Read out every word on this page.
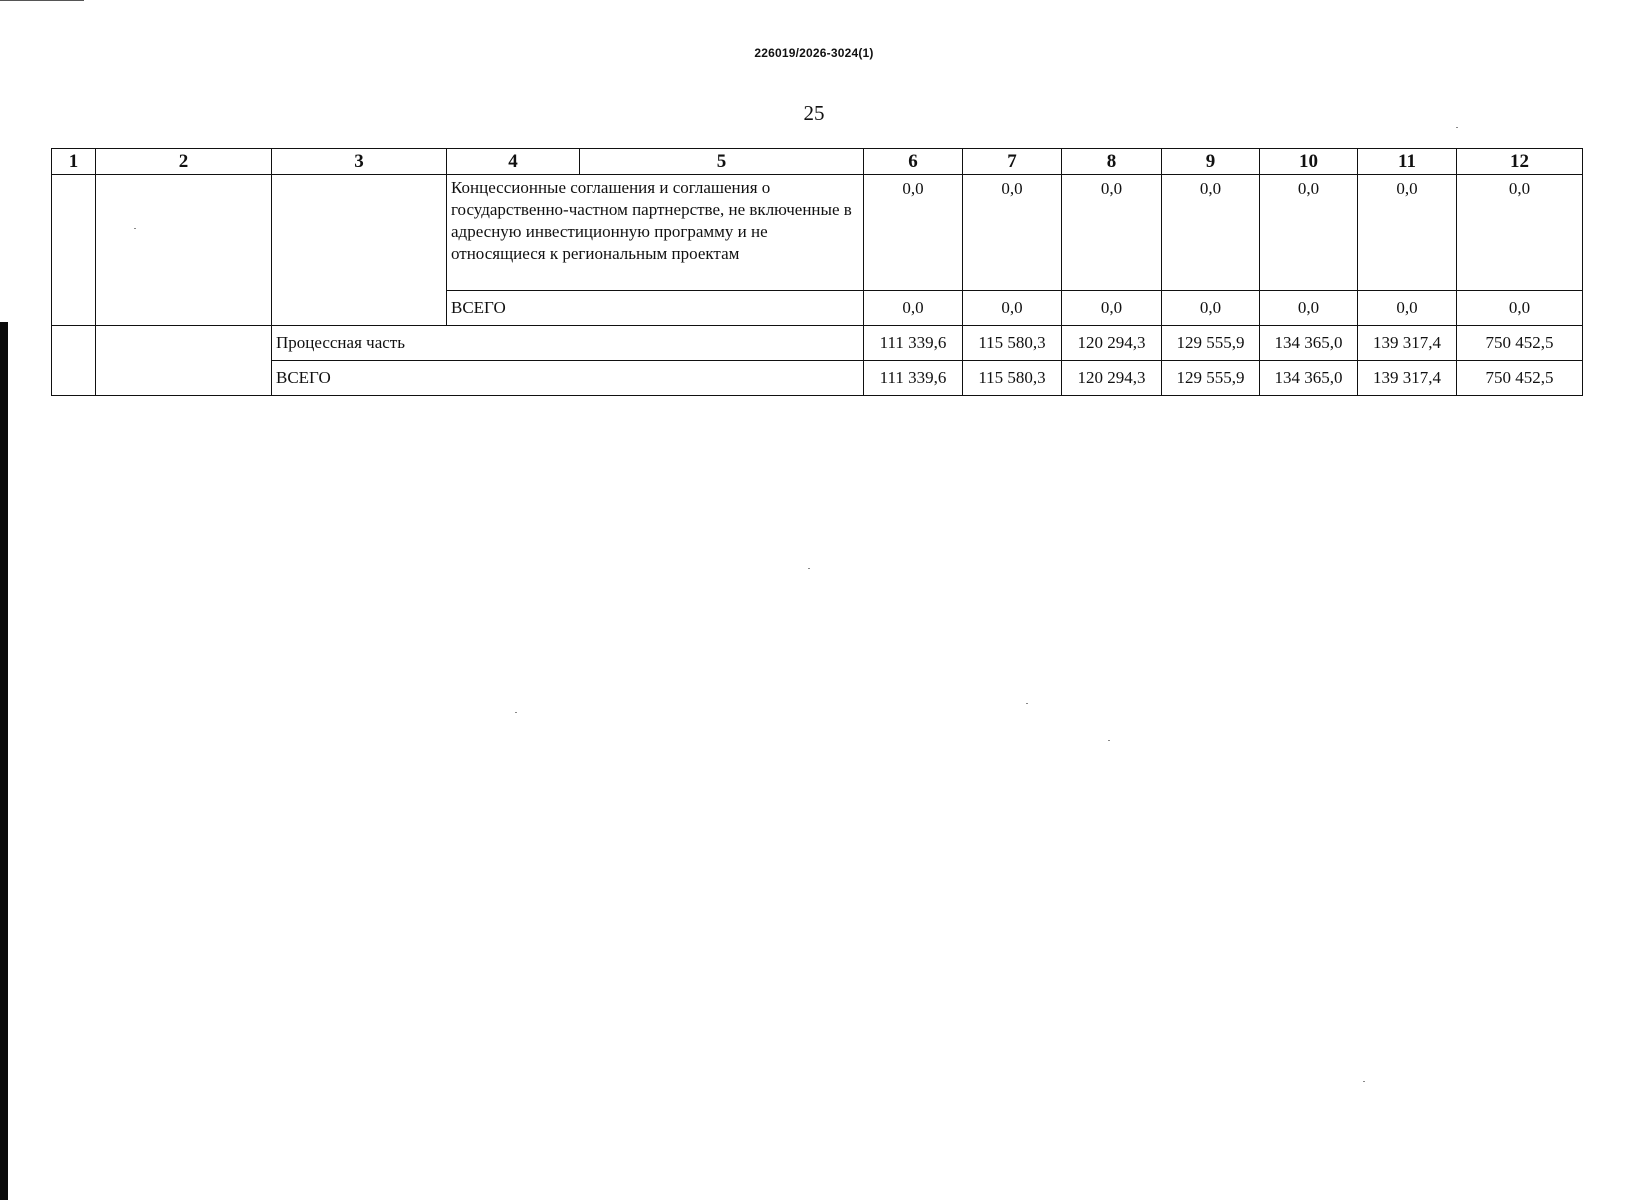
226019/2026-3024(1)
25
1	2	3	4	5	6	7	8	9	10	11	12
			Концессионные соглашения и соглашения о государственно-частном партнерстве, не включенные в адресную инвестиционную программу и не относящиеся к региональным проектам		0,0	0,0	0,0	0,0	0,0	0,0	0,0
			ВСЕГО		0,0	0,0	0,0	0,0	0,0	0,0	0,0
		Процессная часть			111 339,6	115 580,3	120 294,3	129 555,9	134 365,0	139 317,4	750 452,5
		ВСЕГО			111 339,6	115 580,3	120 294,3	129 555,9	134 365,0	139 317,4	750 452,5
